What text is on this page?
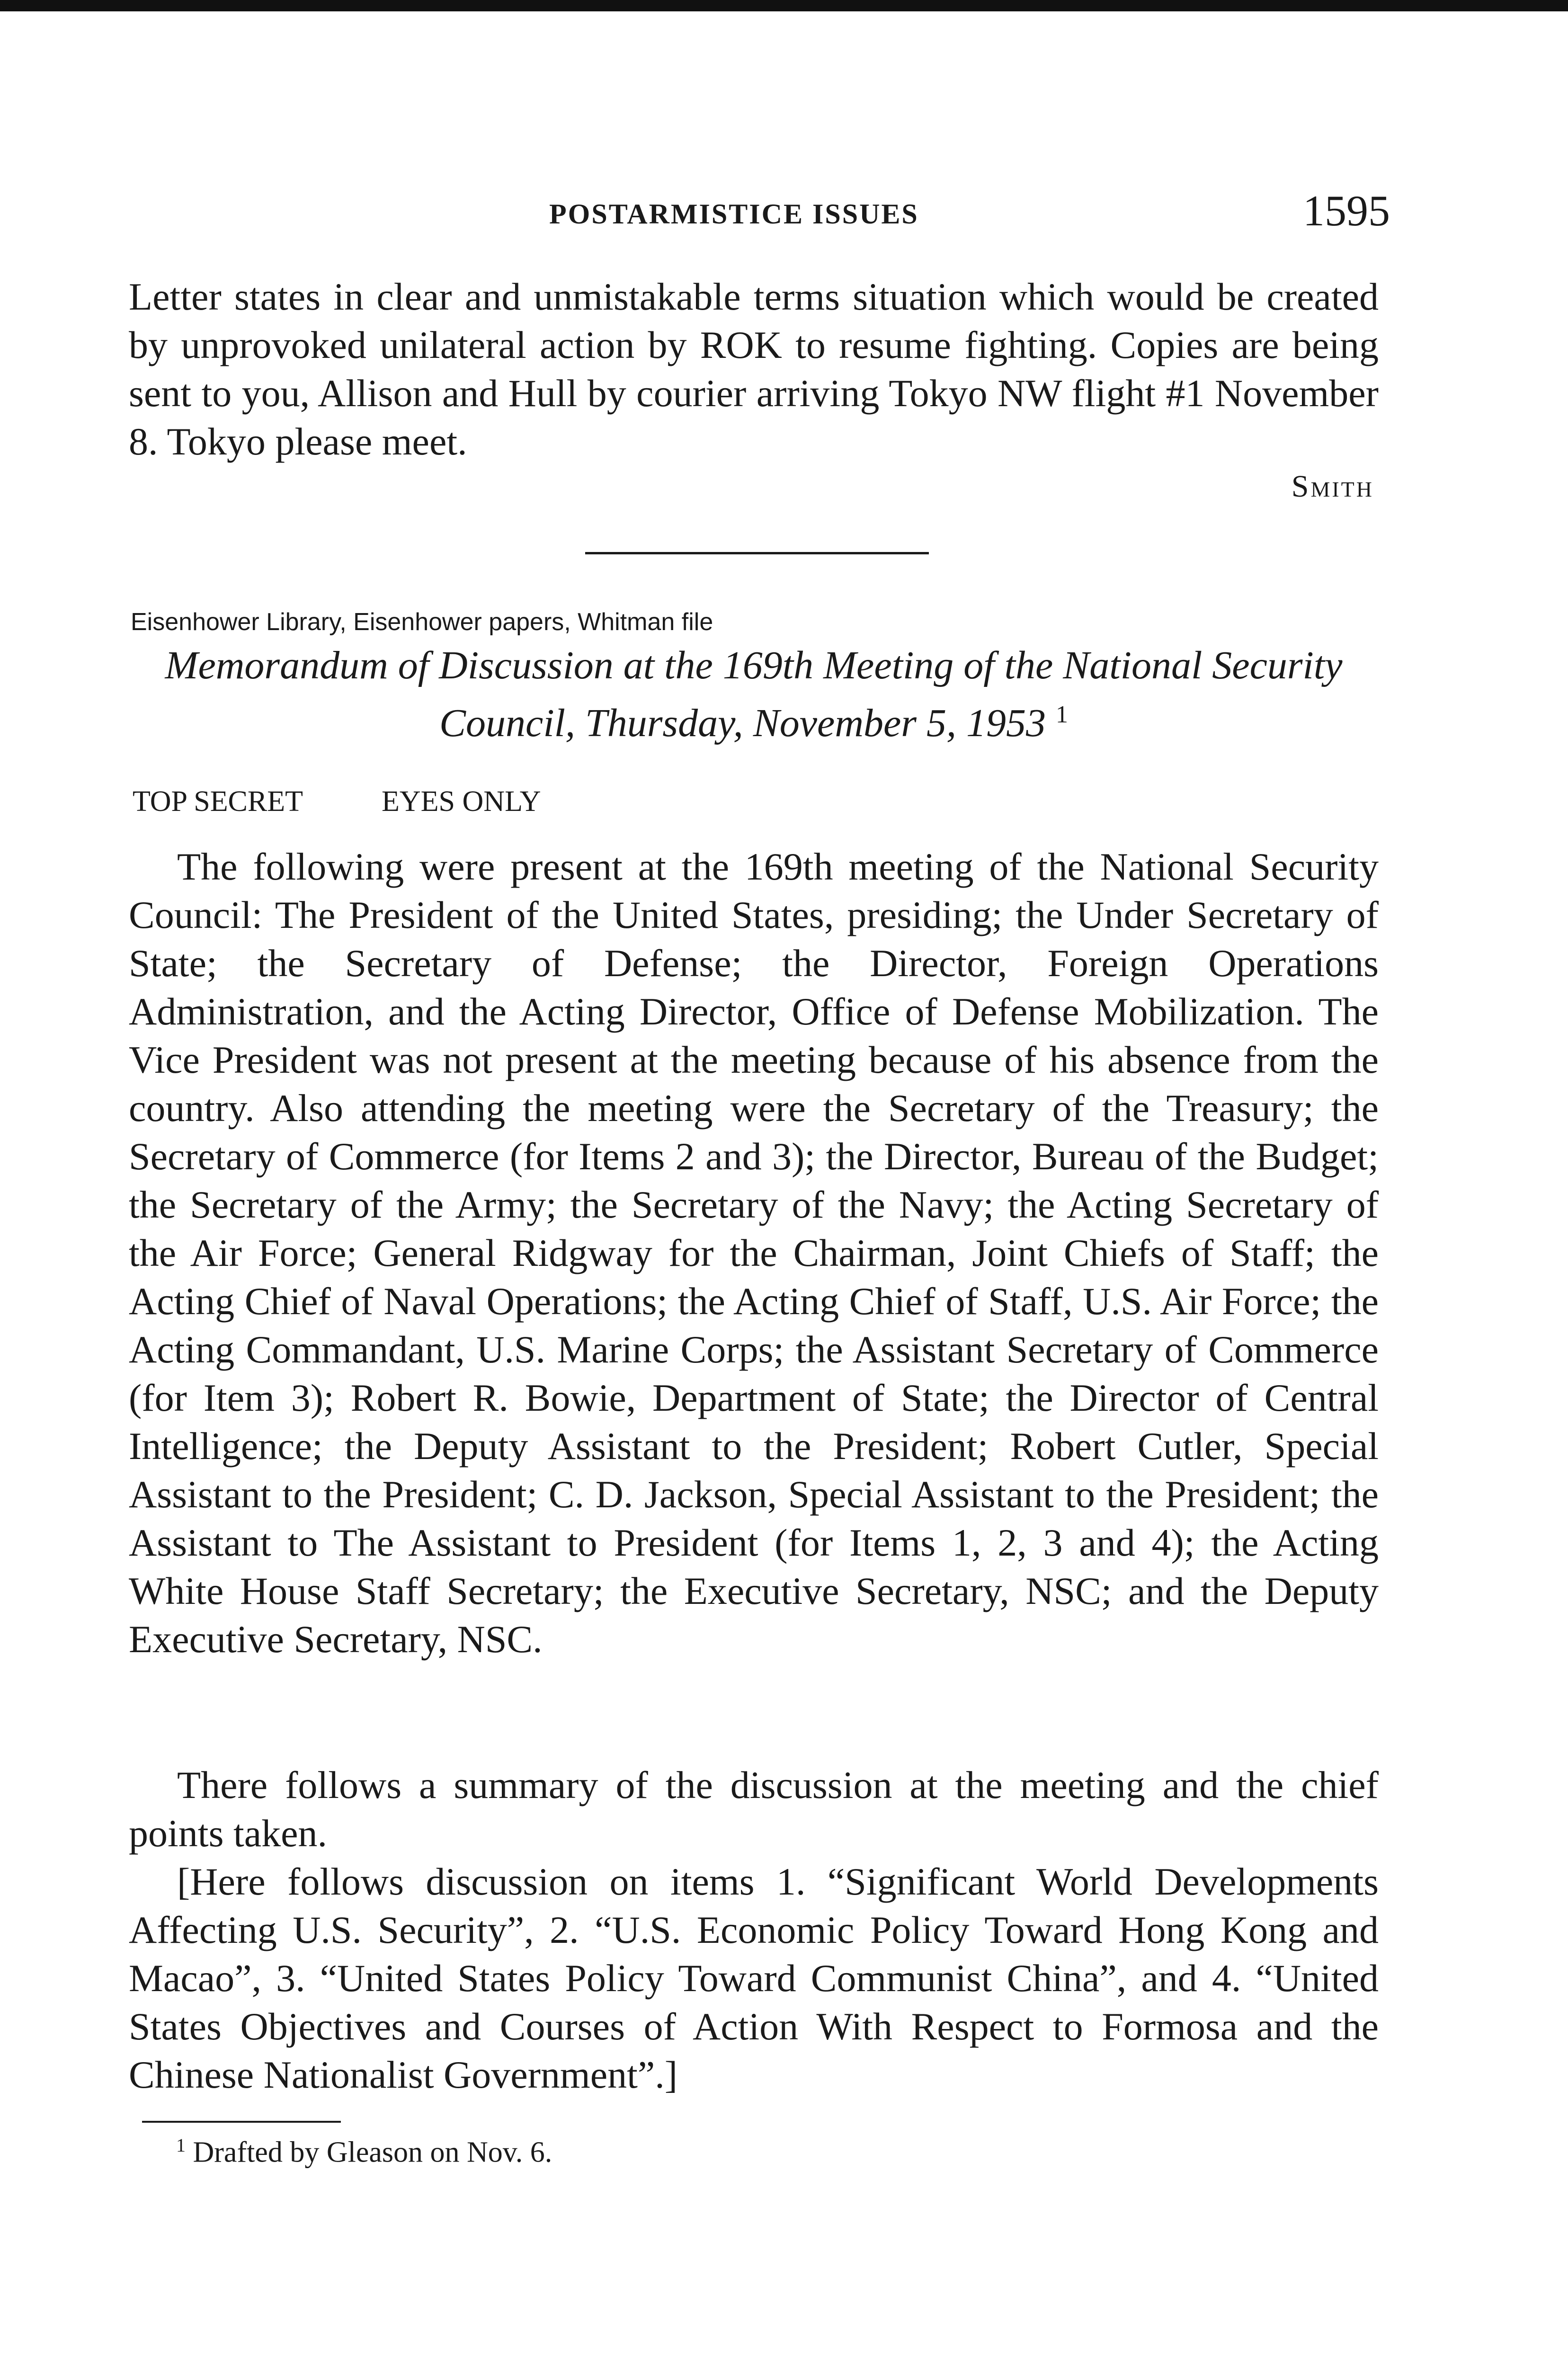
POSTARMISTICE ISSUES	1595

Letter states in clear and unmistakable terms situation which would be created by unprovoked unilateral action by ROK to resume fighting. Copies are being sent to you, Allison and Hull by courier arriving Tokyo NW flight #1 November 8. Tokyo please meet.

Smith
Eisenhower Library, Eisenhower papers, Whitman file
Memorandum of Discussion at the 169th Meeting of the National Security
Council, Thursday, November 5, 1953 $^1$
TOP SECRET	EYES ONLY

The following were present at the 169th meeting of the National Security Council: The President of the United States, presiding; the Under Secretary of State; the Secretary of Defense; the Director, Foreign Operations Administration, and the Acting Director, Office of Defense Mobilization. The Vice President was not present at the meeting because of his absence from the country. Also attending the meeting were the Secretary of the Treasury; the Secretary of Commerce (for Items 2 and 3); the Director, Bureau of the Budget; the Secretary of the Army; the Secretary of the Navy; the Acting Secretary of the Air Force; General Ridgway for the Chairman, Joint Chiefs of Staff; the Acting Chief of Naval Operations; the Acting Chief of Staff, U.S. Air Force; the Acting Commandant, U.S. Marine Corps; the Assistant Secretary of Commerce (for Item 3); Robert R. Bowie, Department of State; the Director of Central Intelligence; the Deputy Assistant to the President; Robert Cutler, Special Assistant to the President; C. D. Jackson, Special Assistant to the President; the Assistant to The Assistant to President (for Items 1, 2, 3 and 4); the Acting White House Staff Secretary; the Executive Secretary, NSC; and the Deputy Executive Secretary, NSC.

There follows a summary of the discussion at the meeting and the chief points taken.

[Here follows discussion on items 1. “Significant World Developments Affecting U.S. Security”, 2. “U.S. Economic Policy Toward Hong Kong and Macao”, 3. “United States Policy Toward Communist China”, and 4. “United States Objectives and Courses of Action With Respect to Formosa and the Chinese Nationalist Government”.]

$^1$ Drafted by Gleason on Nov. 6.
